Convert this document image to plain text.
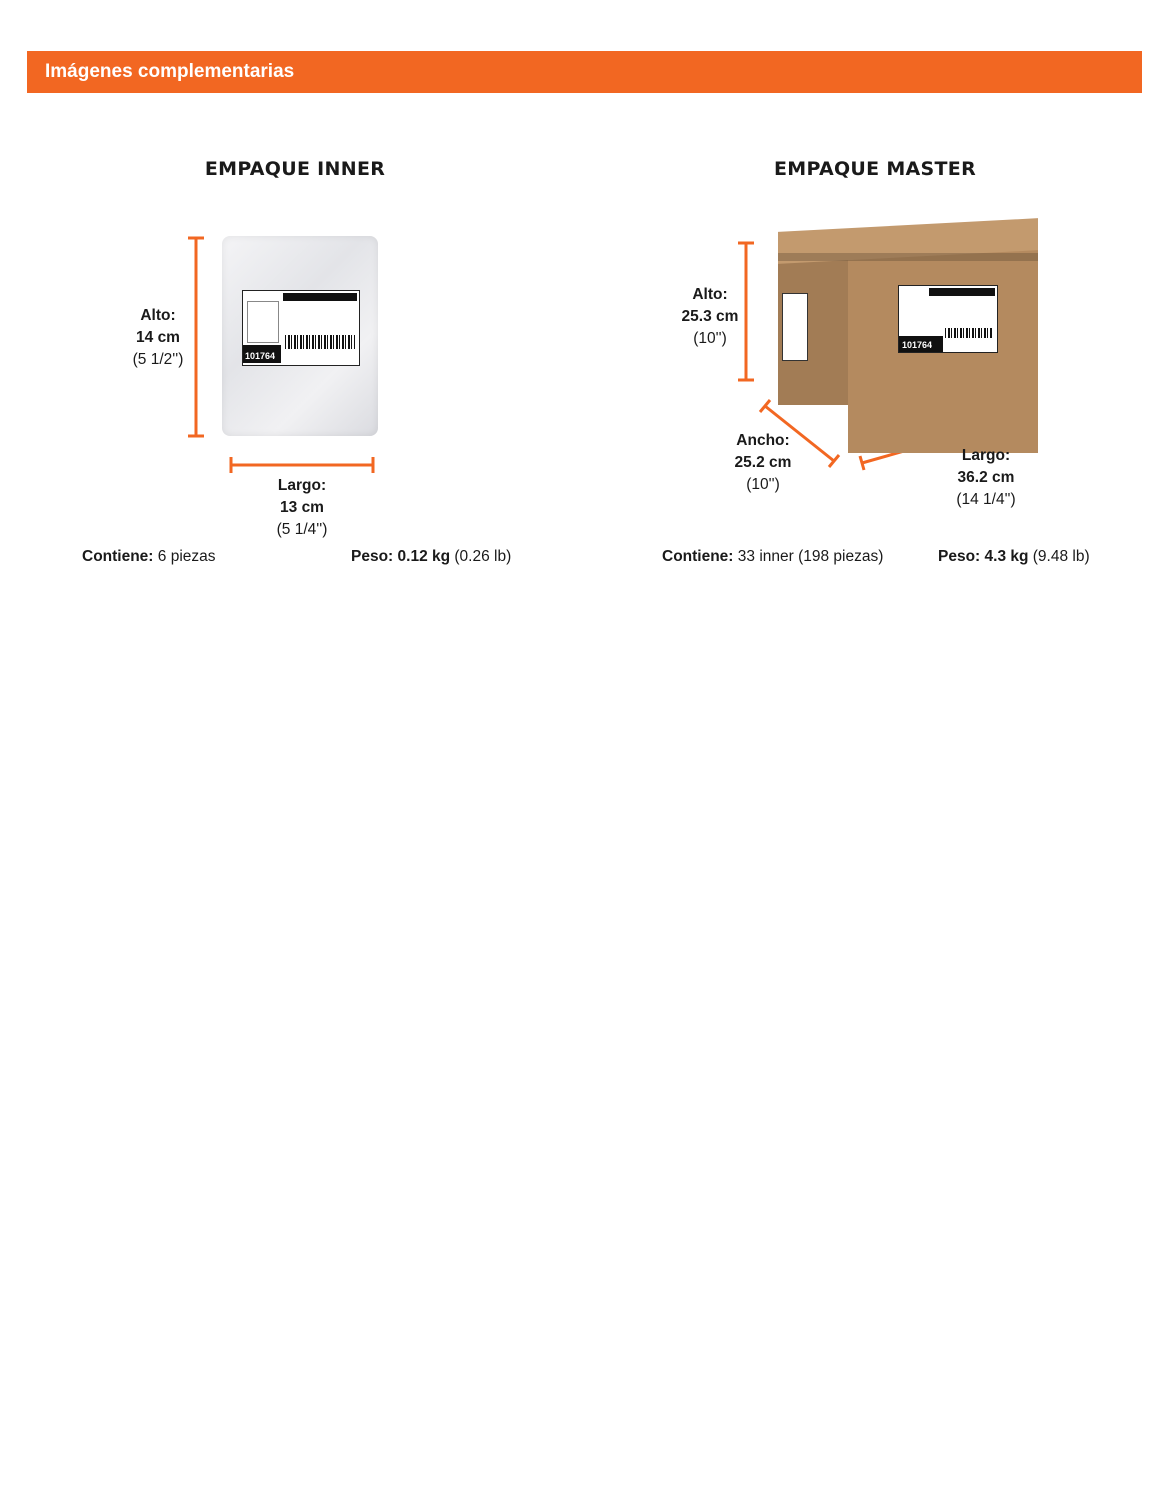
Imágenes complementarias
EMPAQUE INNER
101764
Alto:
14 cm
(5 1/2'')
Largo:
13 cm
(5 1/4'')
Contiene: 6 piezas	Peso: 0.12 kg (0.26 lb)
EMPAQUE MASTER
101764
Alto:
25.3 cm
(10'')
Ancho:
25.2 cm
(10'')
Largo:
36.2 cm
(14 1/4'')
Contiene: 33 inner (198 piezas)	Peso: 4.3 kg (9.48 lb)
